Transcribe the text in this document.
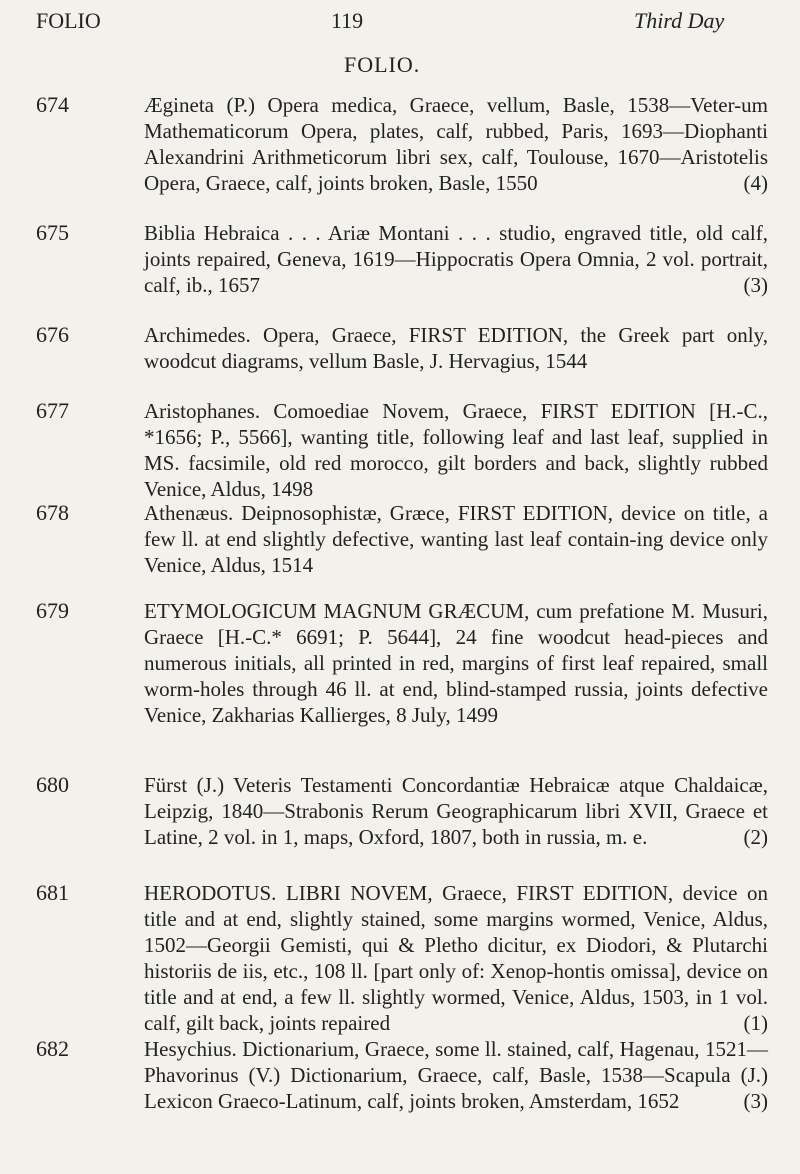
FOLIO	119	Third Day
FOLIO.
674	Ægineta (P.) Opera medica, Graece, vellum, Basle, 1538—Veter-um Mathematicorum Opera, plates, calf, rubbed, Paris, 1693—Diophanti Alexandrini Arithmeticorum libri sex, calf, Toulouse, 1670—Aristotelis Opera, Graece, calf, joints broken, Basle, 1550	(4)
675	Biblia Hebraica . . . Ariæ Montani . . . studio, engraved title, old calf, joints repaired, Geneva, 1619—Hippocratis Opera Omnia, 2 vol. portrait, calf, ib., 1657	(3)
676	Archimedes. Opera, Graece, FIRST EDITION, the Greek part only, woodcut diagrams, vellum Basle, J. Hervagius, 1544
677	Aristophanes. Comoediae Novem, Graece, FIRST EDITION [H.-C., *1656; P., 5566], wanting title, following leaf and last leaf, supplied in MS. facsimile, old red morocco, gilt borders and back, slightly rubbed Venice, Aldus, 1498
678	Athenæus. Deipnosophistæ, Græce, FIRST EDITION, device on title, a few ll. at end slightly defective, wanting last leaf contain-ing device only Venice, Aldus, 1514
679	ETYMOLOGICUM MAGNUM GRÆCUM, cum prefatione M. Musuri, Graece [H.-C.* 6691; P. 5644], 24 fine woodcut head-pieces and numerous initials, all printed in red, margins of first leaf repaired, small worm-holes through 46 ll. at end, blind-stamped russia, joints defective Venice, Zakharias Kallierges, 8 July, 1499
680	Fürst (J.) Veteris Testamenti Concordantiæ Hebraicæ atque Chaldaicæ, Leipzig, 1840—Strabonis Rerum Geographicarum libri XVII, Graece et Latine, 2 vol. in 1, maps, Oxford, 1807, both in russia, m. e.	(2)
681	HERODOTUS. LIBRI NOVEM, Graece, FIRST EDITION, device on title and at end, slightly stained, some margins wormed, Venice, Aldus, 1502—Georgii Gemisti, qui & Pletho dicitur, ex Diodori, & Plutarchi historiis de iis, etc., 108 ll. [part only of: Xenop-hontis omissa], device on title and at end, a few ll. slightly wormed, Venice, Aldus, 1503, in 1 vol. calf, gilt back, joints repaired	(1)
682	Hesychius. Dictionarium, Graece, some ll. stained, calf, Hagenau, 1521—Phavorinus (V.) Dictionarium, Graece, calf, Basle, 1538—Scapula (J.) Lexicon Graeco-Latinum, calf, joints broken, Amsterdam, 1652	(3)
